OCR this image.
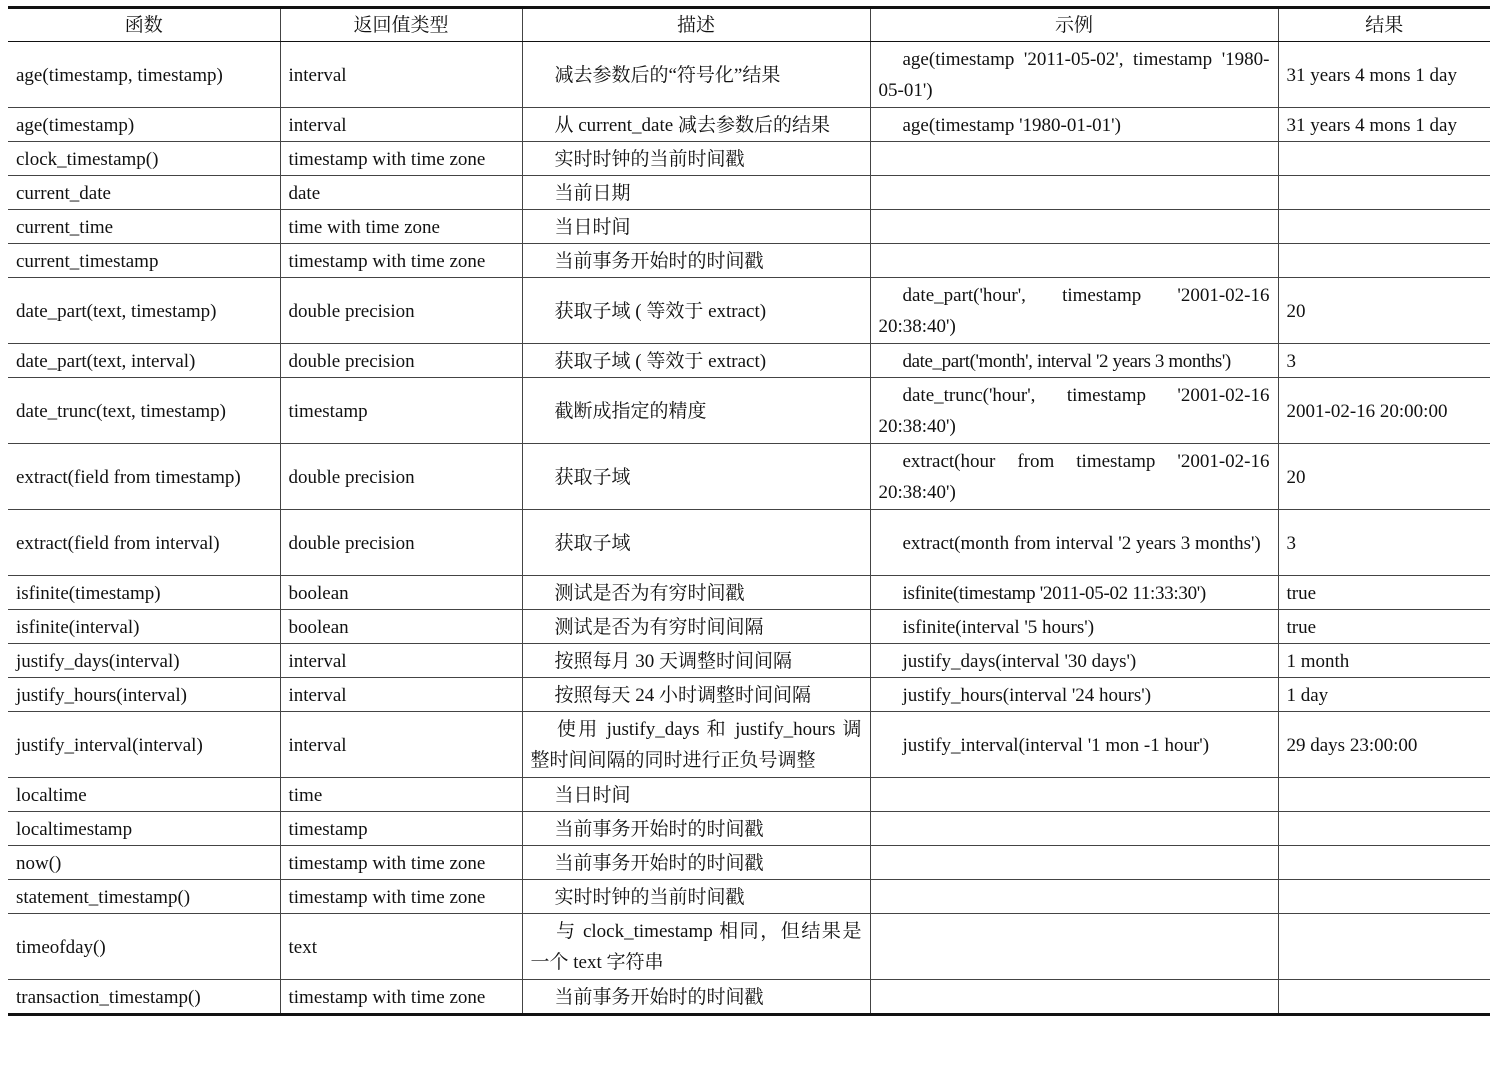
函数	返回值类型	描述	示例	结果
age(timestamp, timestamp)	interval	减去参数后的“符号化”结果	age(timestamp '2011-05-02', timestamp '1980-05-01')	31 years 4 mons 1 day
age(timestamp)	interval	从 current_date 减去参数后的结果	age(timestamp '1980-01-01')	31 years 4 mons 1 day
clock_timestamp()	timestamp with time zone	实时时钟的当前时间戳		
current_date	date	当前日期		
current_time	time with time zone	当日时间		
current_timestamp	timestamp with time zone	当前事务开始时的时间戳		
date_part(text, timestamp)	double precision	获取子域 ( 等效于 extract)	date_part('hour', timestamp '2001-02-16 20:38:40')	20
date_part(text, interval)	double precision	获取子域 ( 等效于 extract)	date_part('month', interval '2 years 3 months')	3
date_trunc(text, timestamp)	timestamp	截断成指定的精度	date_trunc('hour', timestamp '2001-02-16 20:38:40')	2001-02-16 20:00:00
extract(field from timestamp)	double precision	获取子域	extract(hour from timestamp '2001-02-16 20:38:40')	20
extract(field from interval)	double precision	获取子域	extract(month from interval '2 years 3 months')	3
isfinite(timestamp)	boolean	测试是否为有穷时间戳	isfinite(timestamp '2011-05-02 11:33:30')	true
isfinite(interval)	boolean	测试是否为有穷时间间隔	isfinite(interval '5 hours')	true
justify_days(interval)	interval	按照每月 30 天调整时间间隔	justify_days(interval '30 days')	1 month
justify_hours(interval)	interval	按照每天 24 小时调整时间间隔	justify_hours(interval '24 hours')	1 day
justify_interval(interval)	interval	使用 justify_days 和 justify_hours 调整时间间隔的同时进行正负号调整	justify_interval(interval '1 mon -1 hour')	29 days 23:00:00
localtime	time	当日时间		
localtimestamp	timestamp	当前事务开始时的时间戳		
now()	timestamp with time zone	当前事务开始时的时间戳		
statement_timestamp()	timestamp with time zone	实时时钟的当前时间戳		
timeofday()	text	与 clock_timestamp 相同，但结果是一个 text 字符串		
transaction_timestamp()	timestamp with time zone	当前事务开始时的时间戳		
